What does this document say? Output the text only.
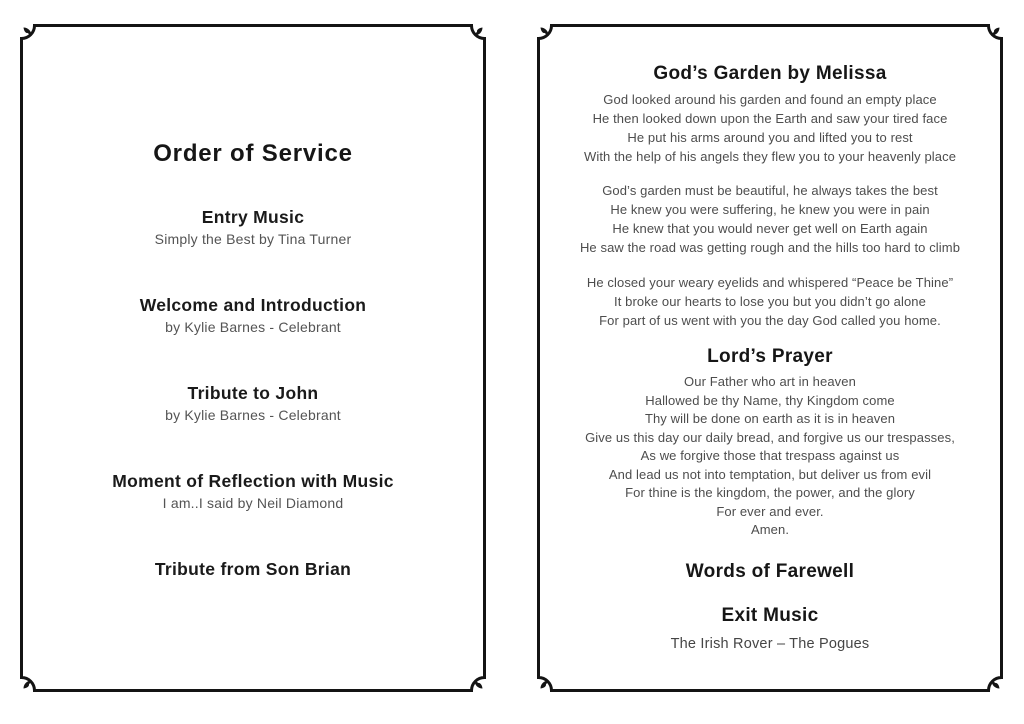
Order of Service
Entry Music

Simply the Best by Tina Turner

Welcome and Introduction

by Kylie Barnes - Celebrant

Tribute to John

by Kylie Barnes - Celebrant

Moment of Reflection with Music

I am..I said by Neil Diamond

Tribute from Son Brian
God’s Garden by Melissa

God looked around his garden and found an empty place

He then looked down upon the Earth and saw your tired face

He put his arms around you and lifted you to rest

With the help of his angels they flew you to your heavenly place

God’s garden must be beautiful, he always takes the best

He knew you were suffering, he knew you were in pain

He knew that you would never get well on Earth again

He saw the road was getting rough and the hills too hard to climb

He closed your weary eyelids and whispered “Peace be Thine”

It broke our hearts to lose you but you didn’t go alone

For part of us went with you the day God called you home.

Lord’s Prayer

Our Father who art in heaven

Hallowed be thy Name, thy Kingdom come

Thy will be done on earth as it is in heaven

Give us this day our daily bread, and forgive us our trespasses,

As we forgive those that trespass against us

And lead us not into temptation, but deliver us from evil

For thine is the kingdom, the power, and the glory

For ever and ever.

Amen.

Words of Farewell
Exit Music

The Irish Rover – The Pogues
